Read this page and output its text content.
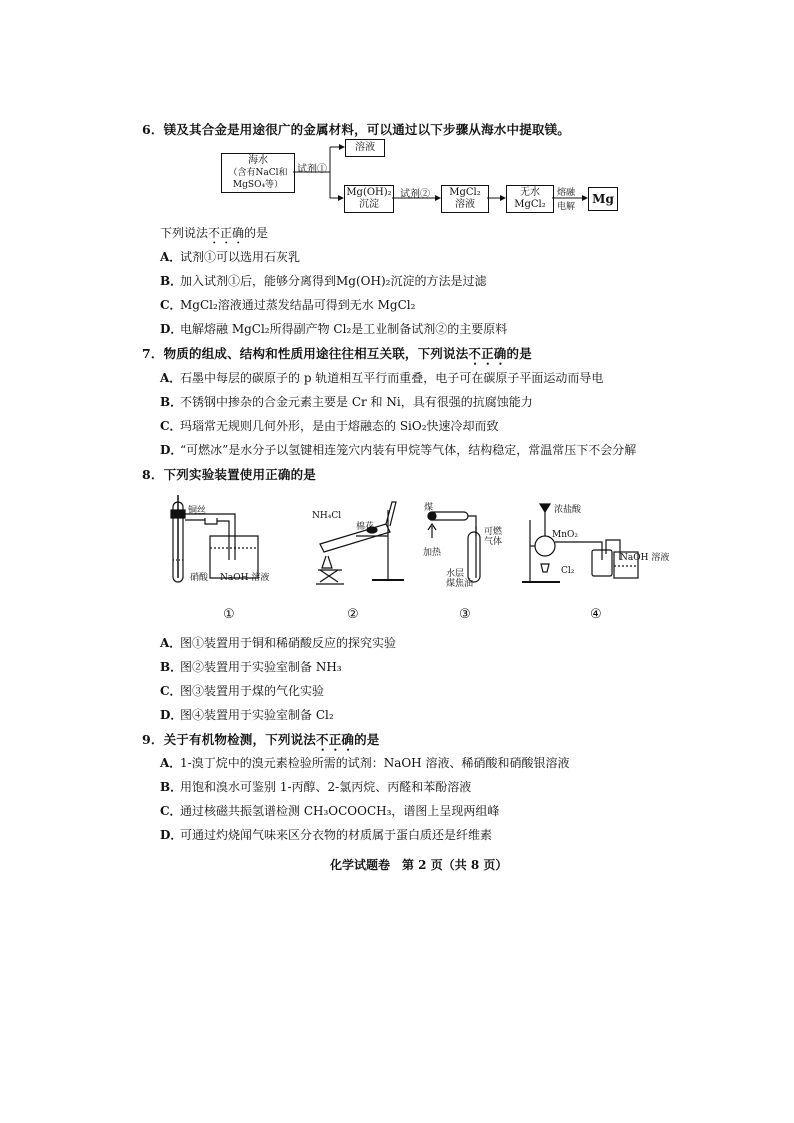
6．镁及其合金是用途很广的金属材料，可以通过以下步骤从海水中提取镁。
海水
（含有NaCl和
MgSO₄等）
溶液
Mg(OH)₂
沉淀
MgCl₂
溶液
无水
MgCl₂	Mg
试剂①
试剂②	熔融
电解
下列说法不正确的是
A．试剂①可以选用石灰乳
B．加入试剂①后，能够分离得到Mg(OH)₂沉淀的方法是过滤
C．MgCl₂溶液通过蒸发结晶可得到无水 MgCl₂
D．电解熔融 MgCl₂所得副产物 Cl₂是工业制备试剂②的主要原料
7．物质的组成、结构和性质用途往往相互关联，下列说法不正确的是
A．石墨中每层的碳原子的 p 轨道相互平行而重叠，电子可在碳原子平面运动而导电
B．不锈钢中掺杂的合金元素主要是 Cr 和 Ni，具有很强的抗腐蚀能力
C．玛瑙常无规则几何外形，是由于熔融态的 SiO₂快速冷却而致
D．“可燃冰”是水分子以氢键相连笼穴内装有甲烷等气体，结构稳定，常温常压下不会分解
8．下列实验装置使用正确的是
铜丝
硝酸 NaOH 溶液
NH₄Cl
棉花
煤
加热
可燃
气体
水层
煤焦油
浓盐酸
MnO₂
NaOH 溶液
Cl₂
①	②	③	④
A．图①装置用于铜和稀硝酸反应的探究实验
B．图②装置用于实验室制备 NH₃
C．图③装置用于煤的气化实验
D．图④装置用于实验室制备 Cl₂
9．关于有机物检测，下列说法不正确的是
A．1-溴丁烷中的溴元素检验所需的试剂：NaOH 溶液、稀硝酸和硝酸银溶液
B．用饱和溴水可鉴别 1-丙醇、2-氯丙烷、丙醛和苯酚溶液
C．通过核磁共振氢谱检测 CH₃OCOOCH₃，谱图上呈现两组峰
D．可通过灼烧闻气味来区分衣物的材质属于蛋白质还是纤维素
化学试题卷　第 2 页（共 8 页）
